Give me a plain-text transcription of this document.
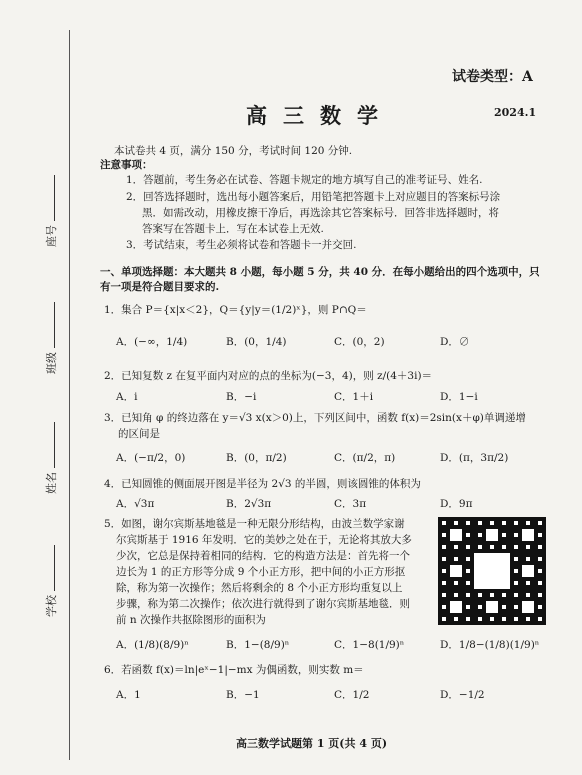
座号
班级
姓名
学校
试卷类型：A
高三数学	2024.1
本试卷共 4 页，满分 150 分，考试时间 120 分钟.
注意事项：
1．答题前，考生务必在试卷、答题卡规定的地方填写自己的准考证号、姓名.
2．回答选择题时，选出每小题答案后，用铅笔把答题卡上对应题目的答案标号涂
黑．如需改动，用橡皮擦干净后，再选涂其它答案标号．回答非选择题时，将
答案写在答题卡上．写在本试卷上无效.
3．考试结束，考生必须将试卷和答题卡一并交回.
一、单项选择题：本大题共 8 小题，每小题 5 分，共 40 分．在每小题给出的四个选项中，只
有一项是符合题目要求的.
1．集合 P＝{x|x＜2}，Q＝{y|y＝(1/2)ˣ}，则 P∩Q＝
A．(−∞，1/4)	B．(0，1/4)	C．(0，2)	D．∅
2．已知复数 z 在复平面内对应的点的坐标为(−3，4)，则 z/(4＋3i)＝
A．i	B．−i	C．1＋i	D．1−i
3．已知角 φ 的终边落在 y＝√3 x(x＞0)上，下列区间中，函数 f(x)＝2sin(x＋φ)单调递增
的区间是
A．(−π/2，0)	B．(0，π/2)	C．(π/2，π)	D．(π，3π/2)
4．已知圆锥的侧面展开图是半径为 2√3 的半圆，则该圆锥的体积为
A．√3π	B．2√3π	C．3π	D．9π
5．如图，谢尔宾斯基地毯是一种无限分形结构，由波兰数学家谢
尔宾斯基于 1916 年发明．它的美妙之处在于，无论将其放大多
少次，它总是保持着相同的结构．它的构造方法是：首先将一个
边长为 1 的正方形等分成 9 个小正方形，把中间的小正方形抠
除，称为第一次操作；然后将剩余的 8 个小正方形均重复以上
步骤，称为第二次操作；依次进行就得到了谢尔宾斯基地毯．则
前 n 次操作共抠除图形的面积为
A．(1/8)(8/9)ⁿ	B．1−(8/9)ⁿ	C．1−8(1/9)ⁿ	D．1/8−(1/8)(1/9)ⁿ
6．若函数 f(x)＝ln|eˣ−1|−mx 为偶函数，则实数 m＝
A．1	B．−1	C．1/2	D．−1/2
高三数学试题第 1 页(共 4 页)
